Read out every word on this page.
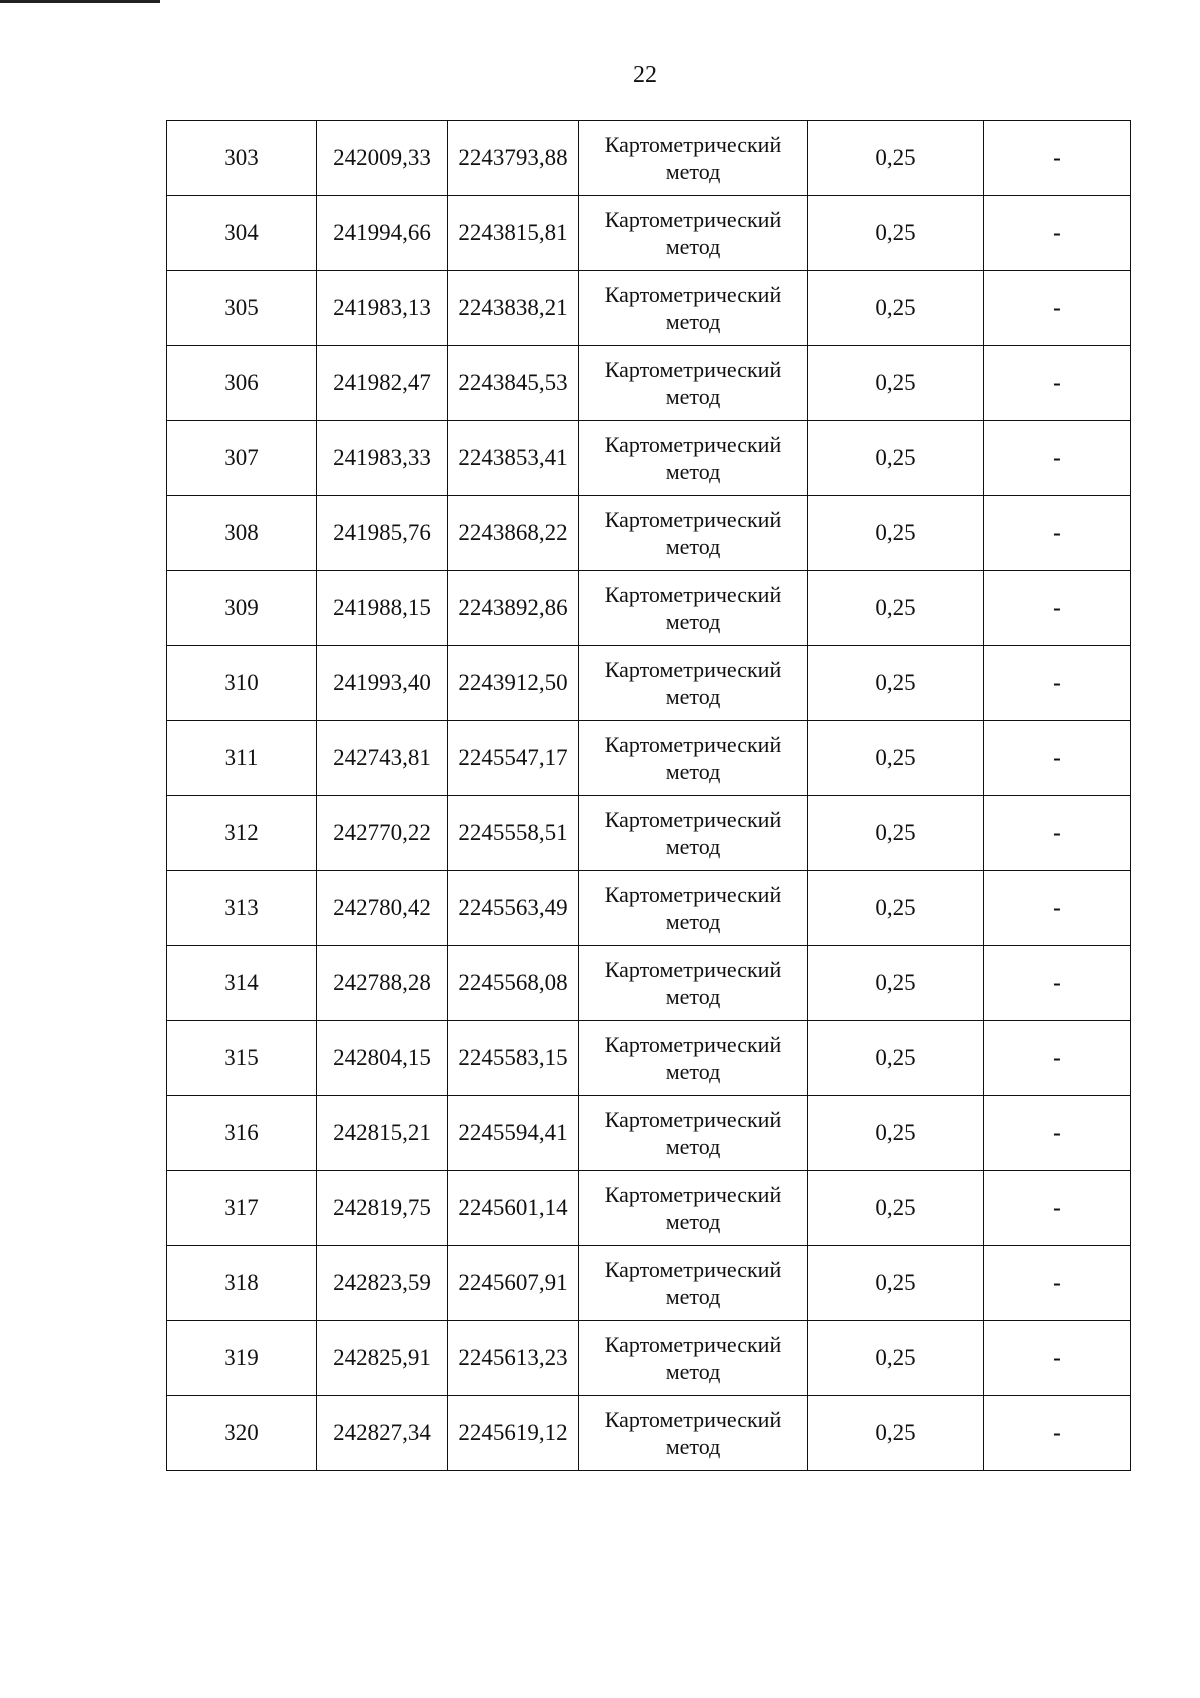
22
303	242009,33	2243793,88	Картометрический метод	0,25	-
304	241994,66	2243815,81	Картометрический метод	0,25	-
305	241983,13	2243838,21	Картометрический метод	0,25	-
306	241982,47	2243845,53	Картометрический метод	0,25	-
307	241983,33	2243853,41	Картометрический метод	0,25	-
308	241985,76	2243868,22	Картометрический метод	0,25	-
309	241988,15	2243892,86	Картометрический метод	0,25	-
310	241993,40	2243912,50	Картометрический метод	0,25	-
311	242743,81	2245547,17	Картометрический метод	0,25	-
312	242770,22	2245558,51	Картометрический метод	0,25	-
313	242780,42	2245563,49	Картометрический метод	0,25	-
314	242788,28	2245568,08	Картометрический метод	0,25	-
315	242804,15	2245583,15	Картометрический метод	0,25	-
316	242815,21	2245594,41	Картометрический метод	0,25	-
317	242819,75	2245601,14	Картометрический метод	0,25	-
318	242823,59	2245607,91	Картометрический метод	0,25	-
319	242825,91	2245613,23	Картометрический метод	0,25	-
320	242827,34	2245619,12	Картометрический метод	0,25	-
